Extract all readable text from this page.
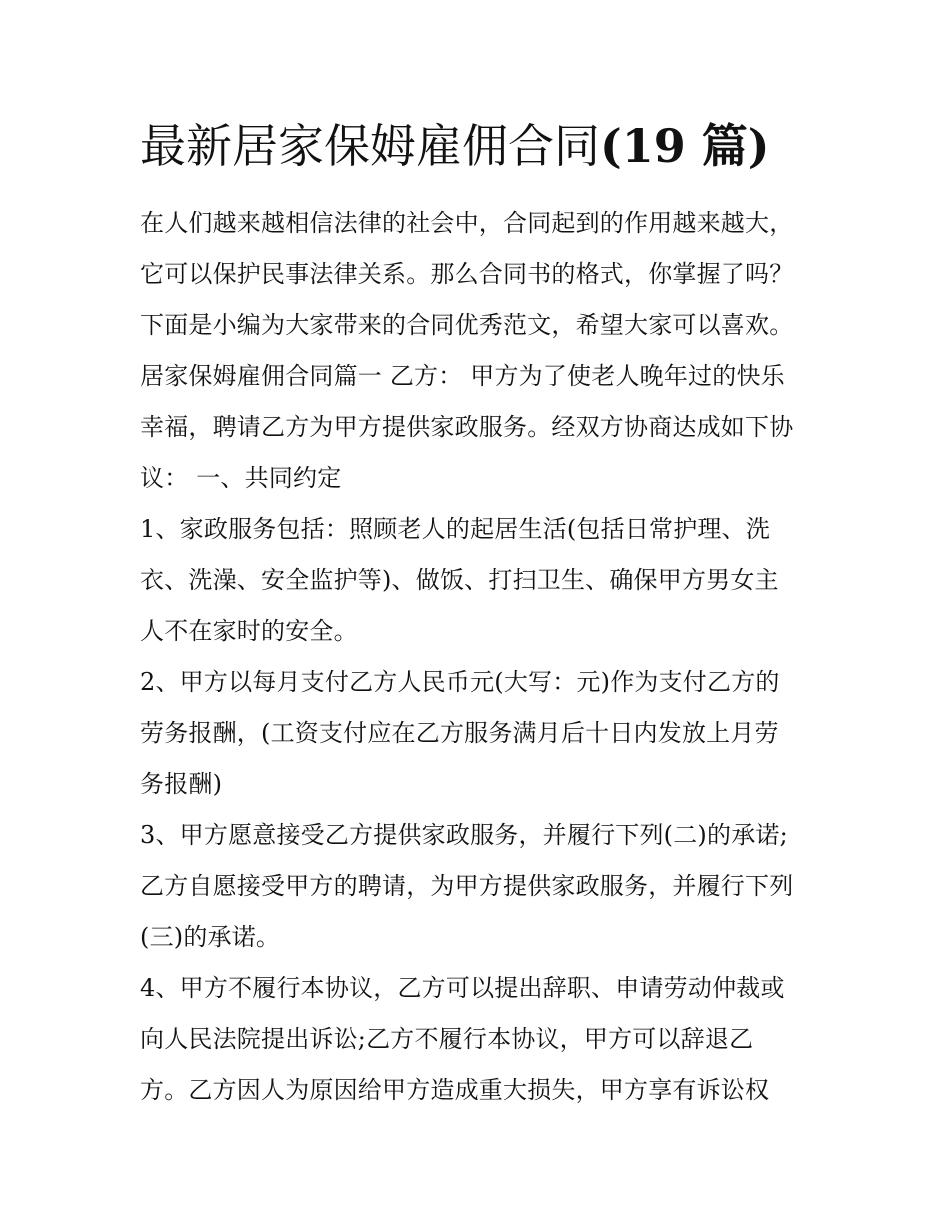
最新居家保姆雇佣合同(19 篇)
在人们越来越相信法律的社会中，合同起到的作用越来越大，
它可以保护民事法律关系。那么合同书的格式，你掌握了吗？
下面是小编为大家带来的合同优秀范文，希望大家可以喜欢。
居家保姆雇佣合同篇一 乙方： 甲方为了使老人晚年过的快乐
幸福，聘请乙方为甲方提供家政服务。经双方协商达成如下协
议： 一、共同约定
1、家政服务包括：照顾老人的起居生活(包括日常护理、洗
衣、洗澡、安全监护等)、做饭、打扫卫生、确保甲方男女主
人不在家时的安全。
2、甲方以每月支付乙方人民币元(大写：元)作为支付乙方的
劳务报酬，(工资支付应在乙方服务满月后十日内发放上月劳
务报酬)
3、甲方愿意接受乙方提供家政服务，并履行下列(二)的承诺;
乙方自愿接受甲方的聘请，为甲方提供家政服务，并履行下列
(三)的承诺。
4、甲方不履行本协议，乙方可以提出辞职、申请劳动仲裁或
向人民法院提出诉讼;乙方不履行本协议，甲方可以辞退乙
方。乙方因人为原因给甲方造成重大损失，甲方享有诉讼权
